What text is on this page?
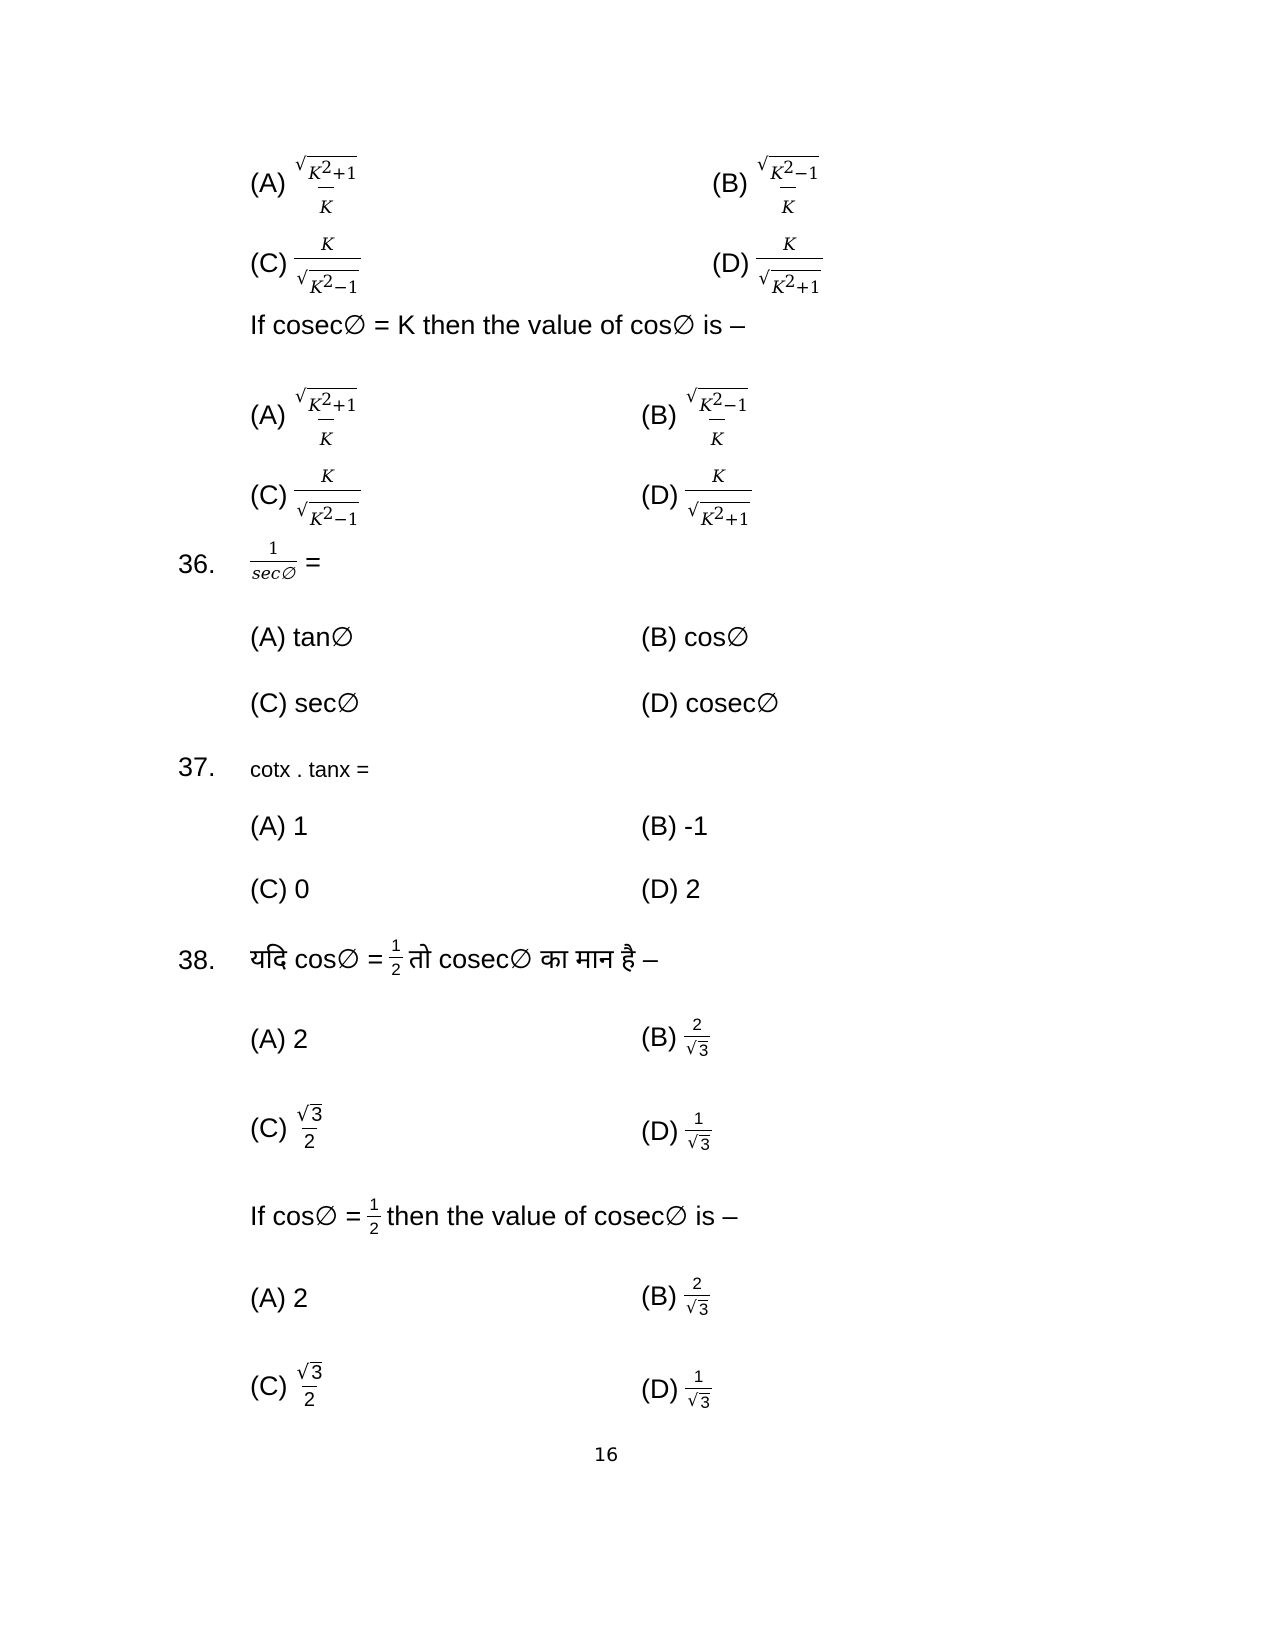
$(A) \frac{√ K^2+1}{K}$	$(B) \frac{√ K^2-1}{K}$
$(C) \frac{K}{√ K^2-1}$	$(D) \frac{K}{√ K^2+1}$
If cosec∅ = K then the value of cos∅ is –
$(A) \frac{√ K^2+1}{K}$	$(B) \frac{√ K^2-1}{K}$
$(C) \frac{K}{√ K^2-1}$	$(D) \frac{K}{√ K^2+1}$
36. $\frac{1}{\sec\emptyset}$ =
(A) tan∅	(B) cos∅
(C) sec∅	(D) cosec∅
37. cotx . tanx =
(A) 1	(B) -1
(C) 0	(D) 2
38. यदि cos∅ = $\frac{1}{2}$ तो cosec∅ का मान है –
(A) 2	$(B) \frac{2}{√ 3}$
$(C) \frac{√ 3}{2}$	$(D) \frac{1}{√ 3}$
If cos∅ = $\frac{1}{2}$ then the value of cosec∅ is –
(A) 2	$(B) \frac{2}{√ 3}$
$(C) \frac{√ 3}{2}$	$(D) \frac{1}{√ 3}$
16
